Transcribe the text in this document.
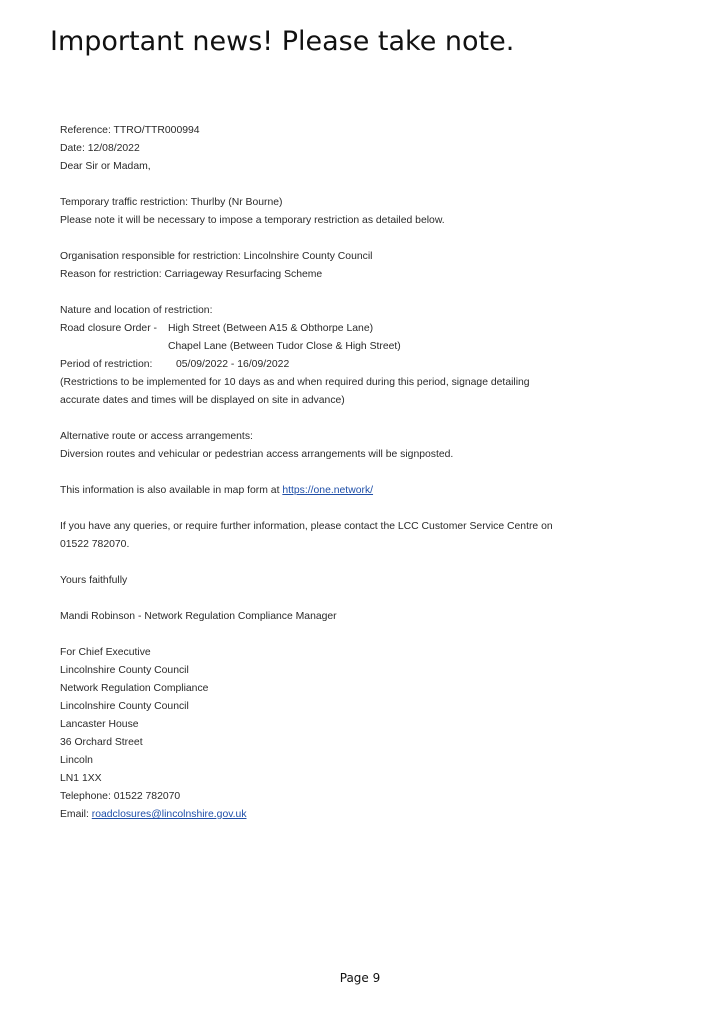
Important news! Please take note.
Reference: TTRO/TTR000994
Date: 12/08/2022
Dear Sir or Madam,
Temporary traffic restriction: Thurlby (Nr Bourne)
Please note it will be necessary to impose a temporary restriction as detailed below.
Organisation responsible for restriction: Lincolnshire County Council
Reason for restriction: Carriageway Resurfacing Scheme
Nature and location of restriction:
Road closure Order - High Street (Between A15 & Obthorpe Lane)
Chapel Lane (Between Tudor Close & High Street)
Period of restriction: 05/09/2022 - 16/09/2022
(Restrictions to be implemented for 10 days as and when required during this period, signage detailing
accurate dates and times will be displayed on site in advance)
Alternative route or access arrangements:
Diversion routes and vehicular or pedestrian access arrangements will be signposted.
This information is also available in map form at https://one.network/
If you have any queries, or require further information, please contact the LCC Customer Service Centre on
01522 782070.
Yours faithfully
Mandi Robinson - Network Regulation Compliance Manager
For Chief Executive
Lincolnshire County Council
Network Regulation Compliance
Lincolnshire County Council
Lancaster House
36 Orchard Street
Lincoln
LN1 1XX
Telephone: 01522 782070
Email: roadclosures@lincolnshire.gov.uk
Page 9
